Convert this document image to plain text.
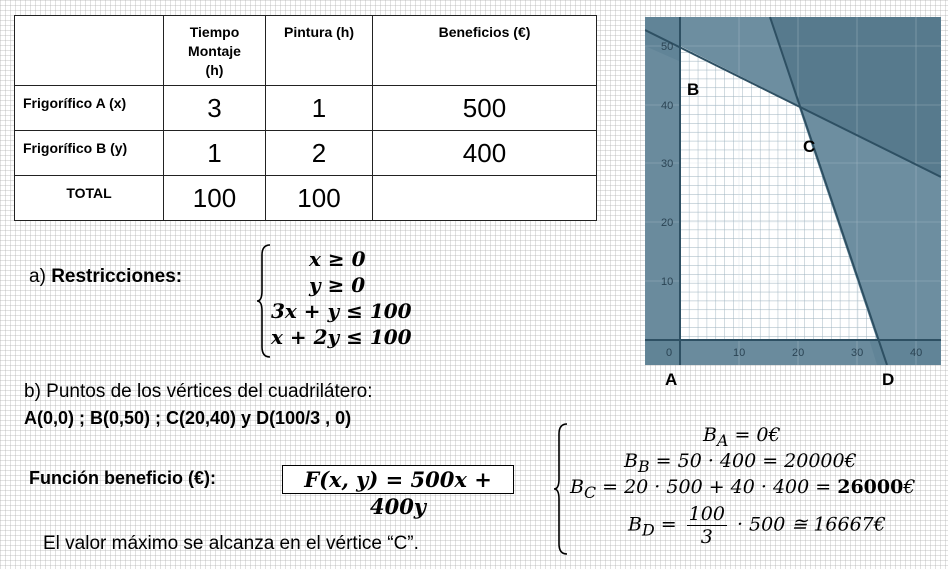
	Tiempo
Montaje
(h)	Pintura (h)	Beneficios (€)
Frigorífico A (x)	3	1	500
Frigorífico B (y)	1	2	400
TOTAL	100	100	
a) Restricciones:
x ≥ 0
y ≥ 0
3x + y ≤ 100
x + 2y ≤ 100
b) Puntos de los vértices del cuadrilátero:
A(0,0) ; B(0,50) ; C(20,40) y D(100/3 , 0)
Función beneficio (€):	F(x, y) = 500x + 400y
El valor máximo se alcanza en el vértice “C”.
$B_A$ = 0€
$B_B = 50 \cdot 400$ = 20000€
$B_C = 20 \cdot 500 + 40 \cdot 400$ = 26000€
$B_D = \frac{100}{3} \cdot 500$ ≅ 16667€
0	10	20	30	40
10
20
30
40
50
B
C
A	D
